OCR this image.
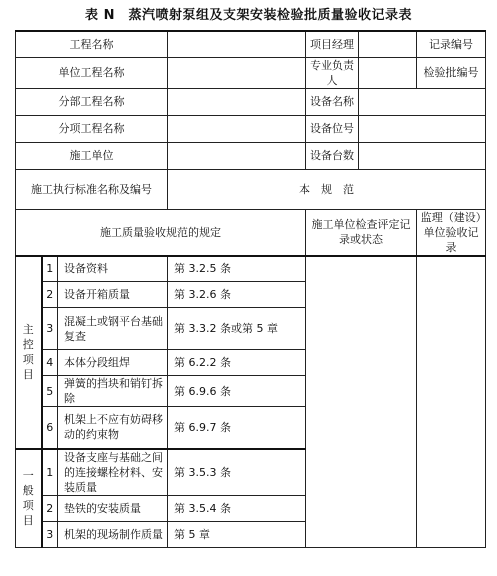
表 N　蒸汽喷射泵组及支架安装检验批质量验收记录表
工程名称				项目经理		记录编号
单位工程名称				专业负责人		检验批编号
分部工程名称				设备名称		
分项工程名称				设备位号		
施工单位				设备台数		
施工执行标准名称及编号			本　规　范			
施工质量验收规范的规定				施工单位检查评定记录或状态		监理（建设）单位验收记录
主控项目	1	设备资料	第 3.2.5 条			
	2	设备开箱质量	第 3.2.6 条			
	3	混凝土或钢平台基础复查	第 3.3.2 条或第 5 章			
	4	本体分段组焊	第 6.2.2 条			
	5	弹簧的挡块和销钉拆除	第 6.9.6 条			
	6	机架上不应有妨碍移动的约束物	第 6.9.7 条			
一般项目	1	设备支座与基础之间的连接螺栓材料、安装质量	第 3.5.3 条			
	2	垫铁的安装质量	第 3.5.4 条			
	3	机架的现场制作质量	第 5 章			
